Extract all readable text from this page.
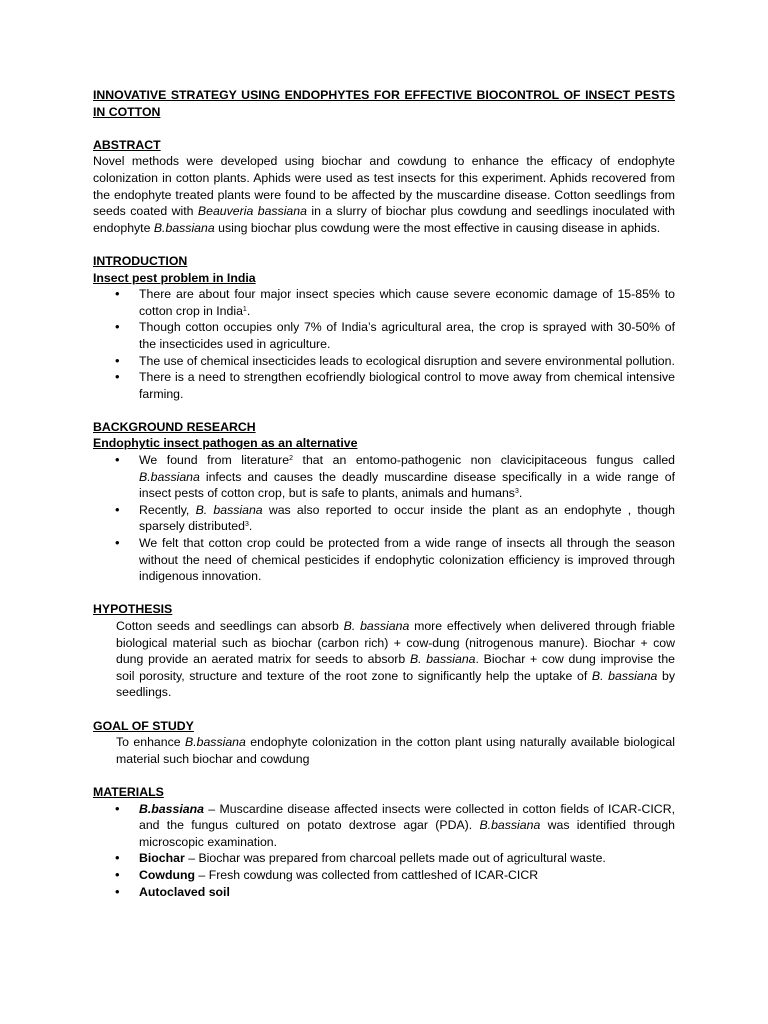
INNOVATIVE STRATEGY USING ENDOPHYTES FOR EFFECTIVE BIOCONTROL OF INSECT PESTS IN COTTON

ABSTRACT

Novel methods were developed using biochar and cowdung to enhance the efficacy of endophyte colonization in cotton plants. Aphids were used as test insects for this experiment. Aphids recovered from the endophyte treated plants were found to be affected by the muscardine disease. Cotton seedlings from seeds coated with Beauveria bassiana in a slurry of biochar plus cowdung and seedlings inoculated with endophyte B.bassiana using biochar plus cowdung were the most effective in causing disease in aphids.

INTRODUCTION

Insect pest problem in India

• There are about four major insect species which cause severe economic damage of 15-85% to cotton crop in India$^1$.
• Though cotton occupies only 7% of India’s agricultural area, the crop is sprayed with 30-50% of the insecticides used in agriculture.
• The use of chemical insecticides leads to ecological disruption and severe environmental pollution.
• There is a need to strengthen ecofriendly biological control to move away from chemical intensive farming.

BACKGROUND RESEARCH

Endophytic insect pathogen as an alternative

• We found from literature$^2$ that an entomo-pathogenic non clavicipitaceous fungus called B.bassiana infects and causes the deadly muscardine disease specifically in a wide range of insect pests of cotton crop, but is safe to plants, animals and humans$^3$.
• Recently, B. bassiana was also reported to occur inside the plant as an endophyte , though sparsely distributed$^3$.
• We felt that cotton crop could be protected from a wide range of insects all through the season without the need of chemical pesticides if endophytic colonization efficiency is improved through indigenous innovation.

HYPOTHESIS

Cotton seeds and seedlings can absorb B. bassiana more effectively when delivered through friable biological material such as biochar (carbon rich) + cow-dung (nitrogenous manure). Biochar + cow dung provide an aerated matrix for seeds to absorb B. bassiana. Biochar + cow dung improvise the soil porosity, structure and texture of the root zone to significantly help the uptake of B. bassiana by seedlings.

GOAL OF STUDY

To enhance B.bassiana endophyte colonization in the cotton plant using naturally available biological material such biochar and cowdung

MATERIALS

• B.bassiana – Muscardine disease affected insects were collected in cotton fields of ICAR-CICR, and the fungus cultured on potato dextrose agar (PDA). B.bassiana was identified through microscopic examination.
• Biochar – Biochar was prepared from charcoal pellets made out of agricultural waste.
• Cowdung – Fresh cowdung was collected from cattleshed of ICAR-CICR
• Autoclaved soil
